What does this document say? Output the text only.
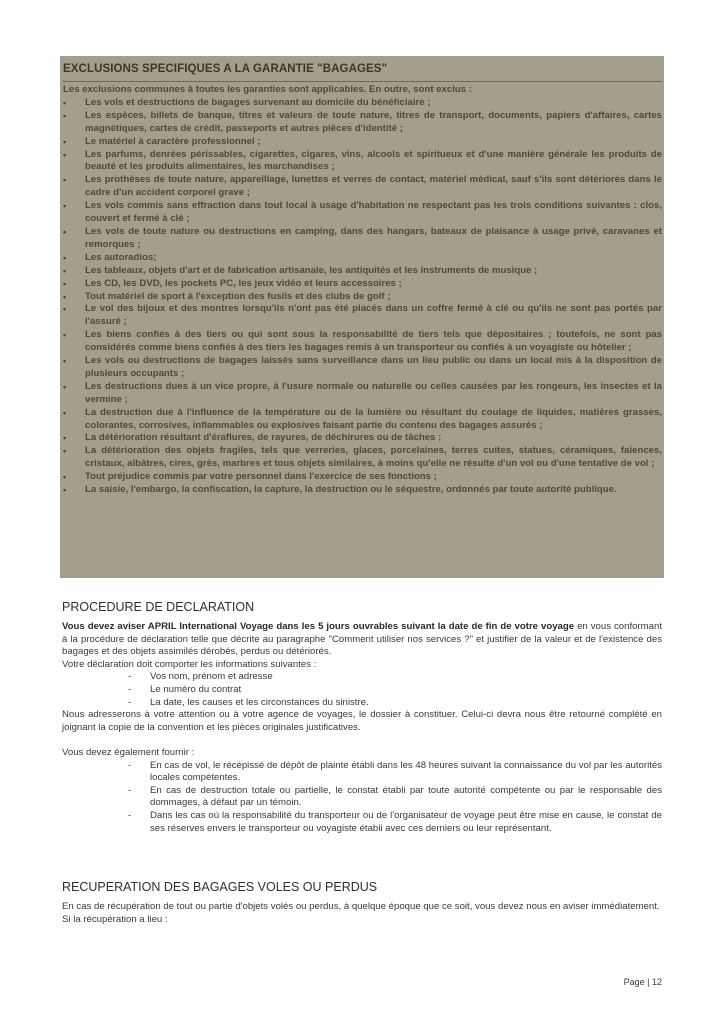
EXCLUSIONS SPECIFIQUES A LA GARANTIE "BAGAGES"
Les exclusions communes à toutes les garanties sont applicables. En outre, sont exclus :
• Les vols et destructions de bagages survenant au domicile du bénéficiaire ;
• Les espèces, billets de banque, titres et valeurs de toute nature, titres de transport, documents, papiers d'affaires, cartes magnétiques, cartes de crédit, passeports et autres pièces d'identité ;
• Le matériel à caractère professionnel ;
• Les parfums, denrées périssables, cigarettes, cigares, vins, alcools et spiritueux et d'une manière générale les produits de beauté et les produits alimentaires, les marchandises ;
• Les prothèses de toute nature, appareillage, lunettes et verres de contact, matériel médical, sauf s'ils sont détériorés dans le cadre d'un accident corporel grave ;
• Les vols commis sans effraction dans tout local à usage d'habitation ne respectant pas les trois conditions suivantes : clos, couvert et fermé à clé ;
• Les vols de toute nature ou destructions en camping, dans des hangars, bateaux de plaisance à usage privé, caravanes et remorques ;
• Les autoradios;
• Les tableaux, objets d'art et de fabrication artisanale, les antiquités et les instruments de musique ;
• Les CD, les DVD, les pockets PC, les jeux vidéo et leurs accessoires ;
• Tout matériel de sport à l'exception des fusils et des clubs de golf ;
• Le vol des bijoux et des montres lorsqu'ils n'ont pas été placés dans un coffre fermé à clé ou qu'ils ne sont pas portés par l'assuré ;
• Les biens confiés à des tiers ou qui sont sous la responsabilité de tiers tels que dépositaires ; toutefois, ne sont pas considérés comme biens confiés à des tiers les bagages remis à un transporteur ou confiés à un voyagiste ou hôtelier ;
• Les vols ou destructions de bagages laissés sans surveillance dans un lieu public ou dans un local mis à la disposition de plusieurs occupants ;
• Les destructions dues à un vice propre, à l'usure normale ou naturelle ou celles causées par les rongeurs, les insectes et la vermine ;
• La destruction due à l'influence de la température ou de la lumière ou résultant du coulage de liquides, matières grasses, colorantes, corrosives, inflammables ou explosives faisant partie du contenu des bagages assurés ;
• La détérioration résultant d'éraflures, de rayures, de déchirures ou de tâches ;
• La détérioration des objets fragiles, tels que verreries, glaces, porcelaines, terres cuites, statues, céramiques, faïences, cristaux, albâtres, cires, grès, marbres et tous objets similaires, à moins qu'elle ne résulte d'un vol ou d'une tentative de vol ;
• Tout préjudice commis par votre personnel dans l'exercice de ses fonctions ;
• La saisie, l'embargo, la confiscation, la capture, la destruction ou le séquestre, ordonnés par toute autorité publique.
PROCEDURE DE DECLARATION

Vous devez aviser APRIL International Voyage dans les 5 jours ouvrables suivant la date de fin de votre voyage en vous conformant à la procédure de déclaration telle que décrite au paragraphe "Comment utiliser nos services ?" et justifier de la valeur et de l'existence des bagages et des objets assimilés dérobés, perdus ou détériorés.

Votre déclaration doit comporter les informations suivantes :

- Vos nom, prénom et adresse
- Le numéro du contrat
- La date, les causes et les circonstances du sinistre.

Nous adresserons à votre attention ou à votre agence de voyages, le dossier à constituer. Celui-ci devra nous être retourné complété en joignant la copie de la convention et les pièces originales justificatives.

Vous devez également fournir :

- En cas de vol, le récépissé de dépôt de plainte établi dans les 48 heures suivant la connaissance du vol par les autorités locales compétentes.
- En cas de destruction totale ou partielle, le constat établi par toute autorité compétente ou par le responsable des dommages, à défaut par un témoin.
- Dans les cas où la responsabilité du transporteur ou de l'organisateur de voyage peut être mise en cause, le constat de ses réserves envers le transporteur ou voyagiste établi avec ces derniers ou leur représentant.
RECUPERATION DES BAGAGES VOLES OU PERDUS

En cas de récupération de tout ou partie d'objets volés ou perdus, à quelque époque que ce soit, vous devez nous en aviser immédiatement.

Si la récupération a lieu :

Page | 12
